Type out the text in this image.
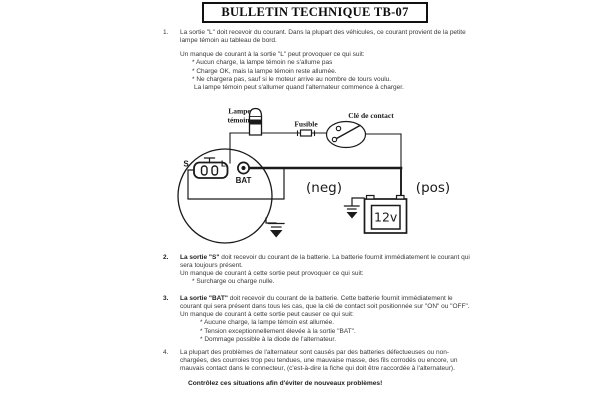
BULLETIN TECHNIQUE TB-07
1.	La sortie "L" doit recevoir du courant. Dans la plupart des véhicules, ce courant provient de la petite lampe témoin au tableau de bord.

Un manque de courant à la sortie "L" peut provoquer ce qui suit:

* Aucun charge, la lampe témoin ne s'allume pas

* Charge OK, mais la lampe témoin reste allumée.

* Ne chargera pas, sauf si le moteur arrive au nombre de tours voulu.

La lampe témoin peut s'allumer quand l'alternateur commence à charger.

Lampe
témoin	Fusible
Clé de contact
S	L
BAT	(neg)	(pos)
12v
2.	La sortie "S" doit recevoir du courant de la batterie. La batterie fournit immédiatement le courant qui sera toujours présent.

Un manque de courant à cette sortie peut provoquer ce qui suit:

* Surcharge ou charge nulle.

3.	La sortie "BAT" doit recevoir du courant de la batterie. Cette batterie fournit immédiatement le courant qui sera présent dans tous les cas, que la clé de contact soit positionnée sur "ON" ou "OFF". Un manque de courant à cette sortie peut causer ce qui suit:

* Aucune charge, la lampe témoin est allumée.

* Tension exceptionnellement élevée à la sortie "BAT".

* Dommage possible à la diode de l'alternateur.

4.	La plupart des problèmes de l'alternateur sont causés par des batteries défectueuses ou non-chargées, des courroies trop peu tendues, une mauvaise masse, des fils corrodés ou encore, un mauvais contact dans le connecteur, (c'est-à-dire la fiche qui doit être raccordée à l'alternateur).

Contrôlez ces situations afin d'éviter de nouveaux problèmes!
